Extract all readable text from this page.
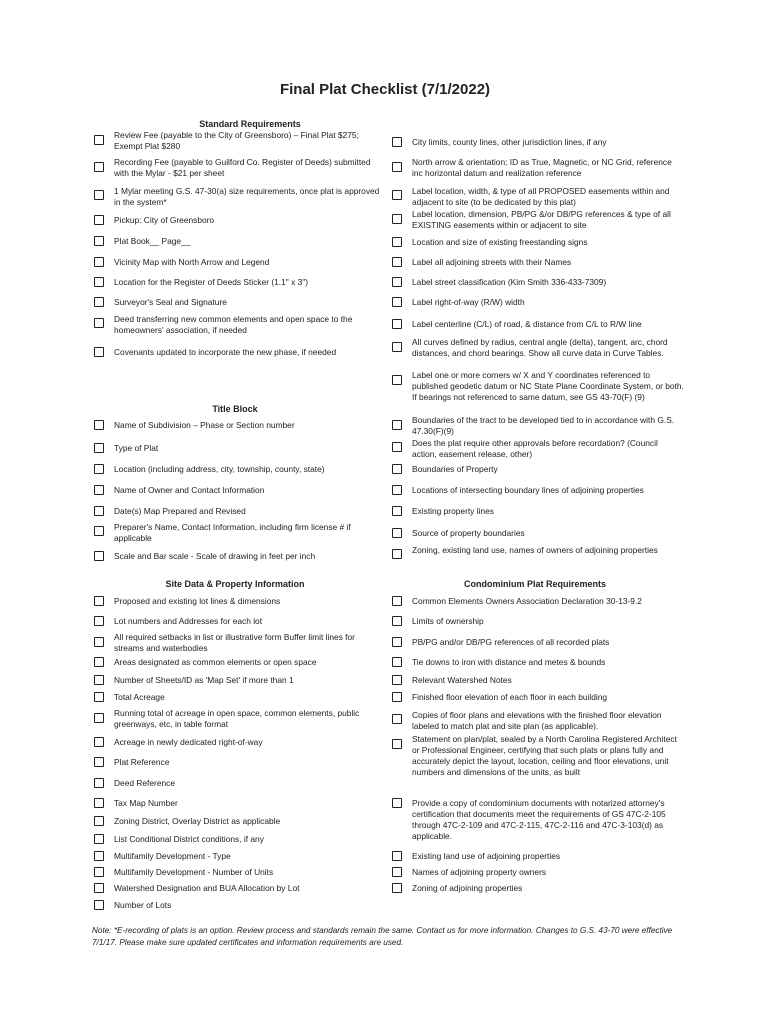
Final Plat Checklist (7/1/2022)
Standard Requirements
Title Block
Site Data & Property Information	Condominium Plat Requirements
Review Fee (payable to the City of Greensboro) – Final Plat $275; Exempt Plat $280
Recording Fee (payable to Guilford Co. Register of Deeds) submitted with the Mylar - $21 per sheet
1 Mylar meeting G.S. 47-30(a) size requirements, once plat is approved in the system*
Pickup: City of Greensboro
Plat Book__ Page__
Vicinity Map with North Arrow and Legend
Location for the Register of Deeds Sticker (1.1" x 3")
Surveyor's Seal and Signature
Deed transferring new common elements and open space to the homeowners' association, if needed
Covenants updated to incorporate the new phase, if needed
Name of Subdivision – Phase or Section number
Type of Plat
Location (including address, city, township, county, state)
Name of Owner and Contact Information
Date(s) Map Prepared and Revised
Preparer's Name, Contact Information, including firm license # if applicable
Scale and Bar scale - Scale of drawing in feet per inch
Proposed and existing lot lines & dimensions
Lot numbers and Addresses for each lot
All required setbacks in list or illustrative form Buffer limit lines for streams and waterbodies
Areas designated as common elements or open space
Number of Sheets/ID as 'Map Set' if more than 1
Total Acreage
Running total of acreage in open space, common elements, public greenways, etc, in table format
Acreage in newly dedicated right-of-way
Plat Reference
Deed Reference
Tax Map Number
Zoning District, Overlay District as applicable
List Conditional District conditions, if any
Multifamily Development - Type
Multifamily Development - Number of Units
Watershed Designation and BUA Allocation by Lot
Number of Lots
City limits, county lines, other jurisdiction lines, if any
North arrow & orientation; ID as True, Magnetic, or NC Grid, reference inc horizontal datum and realization reference
Label location, width, & type of all PROPOSED easements within and adjacent to site (to be dedicated by this plat)
Label location, dimension, PB/PG &/or DB/PG references & type of all EXISTING easements within or adjacent to site
Location and size of existing freestanding signs
Label all adjoining streets with their Names
Label street classification (Kim Smith 336-433-7309)
Label right-of-way (R/W) width
Label centerline (C/L) of road, & distance from C/L to R/W line
All curves defined by radius, central angle (delta), tangent, arc, chord distances, and chord bearings. Show all curve data in Curve Tables.
Label one or more corners w/ X and Y coordinates referenced to published geodetic datum or NC State Plane Coordinate System, or both. If bearings not referenced to same datum, see GS 43-70(F) (9)
Boundaries of the tract to be developed tied to in accordance with G.S. 47.30(F)(9)
Does the plat require other approvals before recordation? (Council action, easement release, other)
Boundaries of Property
Locations of intersecting boundary lines of adjoining properties
Existing property lines
Source of property boundaries
Zoning, existing land use, names of owners of adjoining properties
Common Elements Owners Association Declaration 30-13-9.2
Limits of ownership
PB/PG and/or DB/PG references of all recorded plats
Tie downs to iron with distance and metes & bounds
Relevant Watershed Notes
Finished floor elevation of each floor in each building
Copies of floor plans and elevations with the finished floor elevation labeled to match plat and site plan (as applicable).
Statement on plan/plat, sealed by a North Carolina Registered Architect or Professional Engineer, certifying that such plats or plans fully and accurately depict the layout, location, ceiling and floor elevations, unit numbers and dimensions of the units, as built
Provide a copy of condominium documents with notarized attorney's certification that documents meet the requirements of GS 47C-2-105 through 47C-2-109 and 47C-2-115, 47C-2-116 and 47C-3-103(d) as applicable.
Existing land use of adjoining properties
Names of adjoining property owners
Zoning of adjoining properties
Note: *E-recording of plats is an option. Review process and standards remain the same. Contact us for more information. Changes to G.S. 43-70 were effective 7/1/17. Please make sure updated certificates and information requirements are used.
